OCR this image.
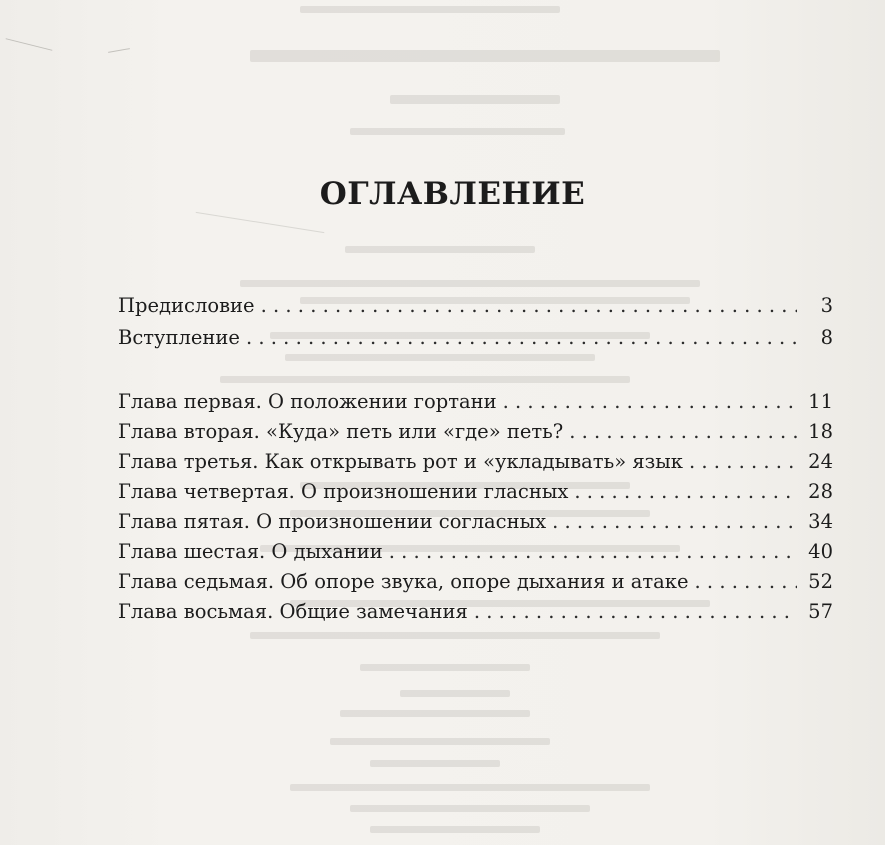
ОГЛАВЛЕНИЕ
Предисловие . . .	3
Вступление . . .	8
Глава первая. О положении гортани . . .	11
Глава вторая. «Куда» петь или «где» петь? . . .	18
Глава третья. Как открывать рот и «укладывать» язык . . .	24
Глава четвертая. О произношении гласных . . .	28
Глава пятая. О произношении согласных . . .	34
Глава шестая. О дыхании . . .	40
Глава седьмая. Об опоре звука, опоре дыхания и атаке . . .	52
Глава восьмая. Общие замечания . . .	57
